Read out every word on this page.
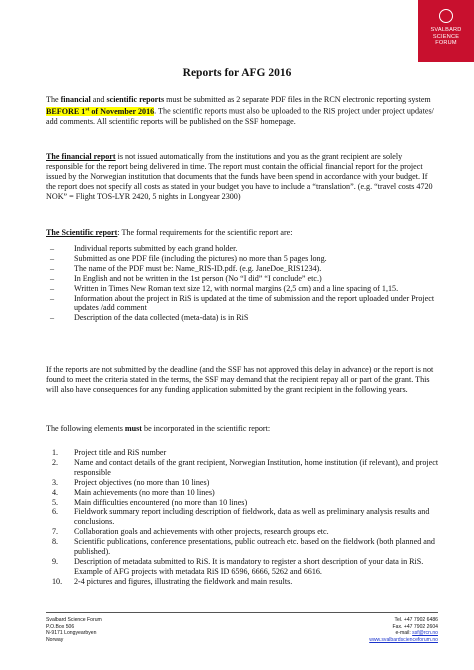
SVALBARD
SCIENCE
FORUM
Reports for AFG 2016

The financial and scientific reports must be submitted as 2 separate PDF files in the RCN electronic reporting system BEFORE 1st of November 2016. The scientific reports must also be uploaded to the RiS project under project updates/ add comments. All scientific reports will be published on the SSF homepage.

The financial report is not issued automatically from the institutions and you as the grant recipient are solely responsible for the report being delivered in time. The report must contain the official financial report for the project issued by the Norwegian institution that documents that the funds have been spend in accordance with your budget. If the report does not specify all costs as stated in your budget you have to include a “translation”. (e.g. “travel costs 4720 NOK” = Flight TOS-LYR 2420, 5 nights in Longyear 2300)

The Scientific report: The formal requirements for the scientific report are:

– Individual reports submitted by each grand holder.
– Submitted as one PDF file (including the pictures) no more than 5 pages long.
– The name of the PDF must be: Name_RIS-ID.pdf. (e.g. JaneDoe_RIS1234).
– In English and not be written in the 1st person (No “I did” “I conclude” etc.)
– Written in Times New Roman text size 12, with normal margins (2,5 cm) and a line spacing of 1,15.
– Information about the project in RiS is updated at the time of submission and the report uploaded under Project updates /add comment
– Description of the data collected (meta-data) is in RiS

If the reports are not submitted by the deadline (and the SSF has not approved this delay in advance) or the report is not found to meet the criteria stated in the terms, the SSF may demand that the recipient repay all or part of the grant. This will also have consequences for any funding application submitted by the grant recipient in the following years.

The following elements must be incorporated in the scientific report:

1. Project title and RiS number
2. Name and contact details of the grant recipient, Norwegian Institution, home institution (if relevant), and project responsible
3. Project objectives (no more than 10 lines)
4. Main achievements (no more than 10 lines)
5. Main difficulties encountered (no more than 10 lines)
6. Fieldwork summary report including description of fieldwork, data as well as preliminary analysis results and conclusions.
7. Collaboration goals and achievements with other projects, research groups etc.
8. Scientific publications, conference presentations, public outreach etc. based on the fieldwork (both planned and published).
9. Description of metadata submitted to RiS. It is mandatory to register a short description of your data in RiS. Example of AFG projects with metadata RiS ID 6596, 6666, 5262 and 6616.
10. 2-4 pictures and figures, illustrating the fieldwork and main results.
Svalbard Science Forum
P.O.Box 506
N-9171 Longyearbyen
Norway
Tel. +47 7902 6486
Fax. +47 7902 2604
e-mail: ssf@rcn.no
www.svalbardscienceforum.no
